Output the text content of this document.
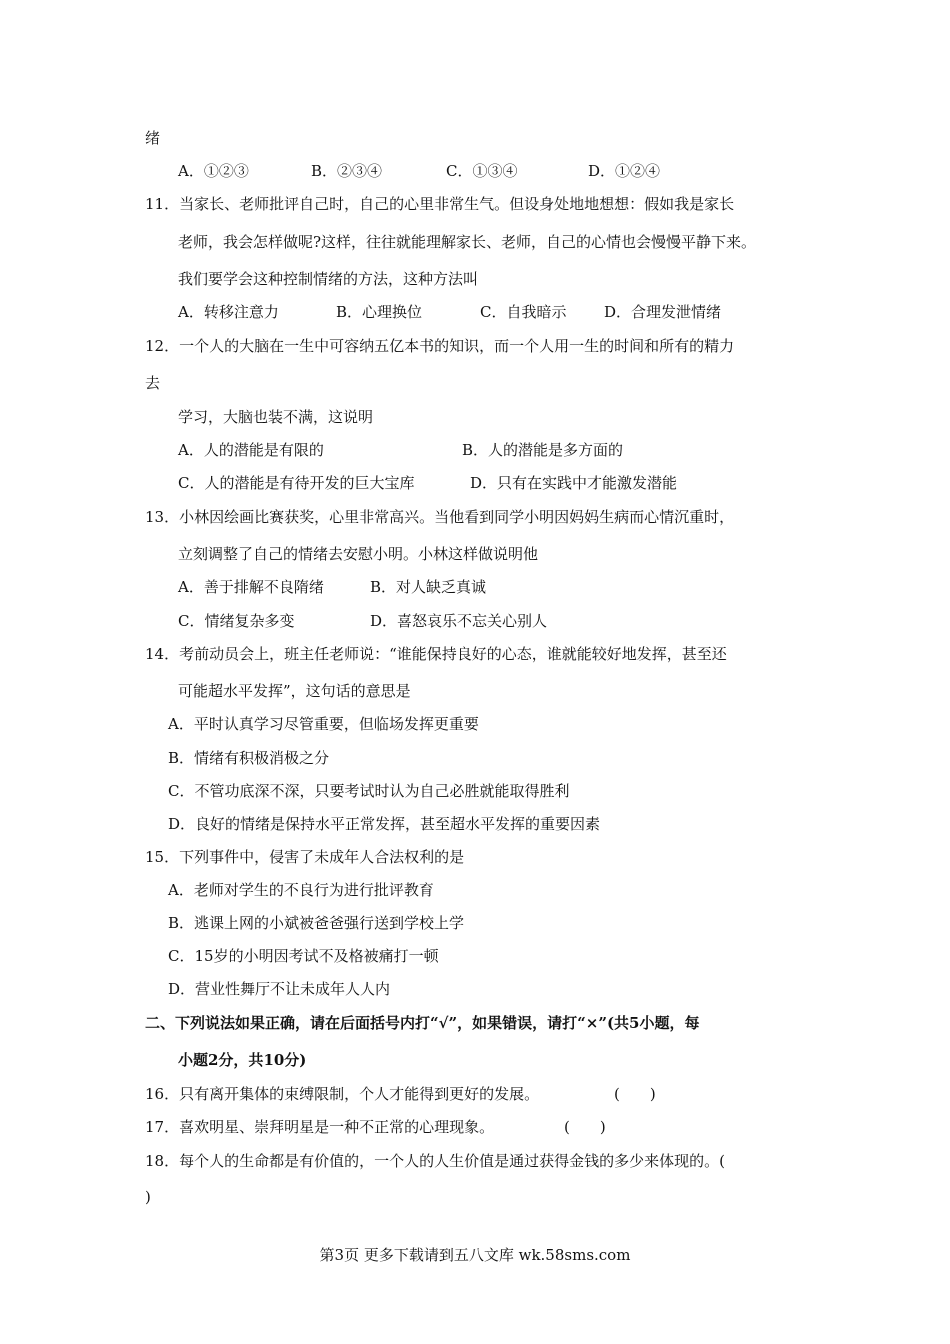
绪
A．①②③	B．②③④	C．①③④	D．①②④
11．当家长、老师批评自己时，自己的心里非常生气。但设身处地地想想：假如我是家长
老师，我会怎样做呢?这样，往往就能理解家长、老师，自己的心情也会慢慢平静下来。
我们要学会这种控制情绪的方法，这种方法叫
A．转移注意力	B．心理换位	C．自我暗示	D．合理发泄情绪
12．一个人的大脑在一生中可容纳五亿本书的知识，而一个人用一生的时间和所有的精力
去
学习，大脑也装不满，这说明
A．人的潜能是有限的	B．人的潜能是多方面的
C．人的潜能是有待开发的巨大宝库	D．只有在实践中才能激发潜能
13．小林因绘画比赛获奖，心里非常高兴。当他看到同学小明因妈妈生病而心情沉重时，
立刻调整了自己的情绪去安慰小明。小林这样做说明他
A．善于排解不良隋绪	B．对人缺乏真诚
C．情绪复杂多变	D．喜怒哀乐不忘关心别人
14．考前动员会上，班主任老师说：“谁能保持良好的心态，谁就能较好地发挥，甚至还
可能超水平发挥”，这句话的意思是
A．平时认真学习尽管重要，但临场发挥更重要
B．情绪有积极消极之分
C．不管功底深不深，只要考试时认为自己必胜就能取得胜利
D．良好的情绪是保持水平正常发挥，甚至超水平发挥的重要因素
15．下列事件中，侵害了未成年人合法权利的是
A．老师对学生的不良行为进行批评教育
B．逃课上网的小斌被爸爸强行送到学校上学
C．15岁的小明因考试不及格被痛打一顿
D．营业性舞厅不让未成年人人内
二、下列说法如果正确，请在后面括号内打“√”，如果错误，请打“×”(共5小题，每
小题2分，共10分)
16．只有离开集体的束缚限制，个人才能得到更好的发展。	(　　)
17．喜欢明星、崇拜明星是一种不正常的心理现象。	(　　)
18．每个人的生命都是有价值的，一个人的人生价值是通过获得金钱的多少来体现的。(
)
第3页 更多下载请到五八文库 wk.58sms.com
